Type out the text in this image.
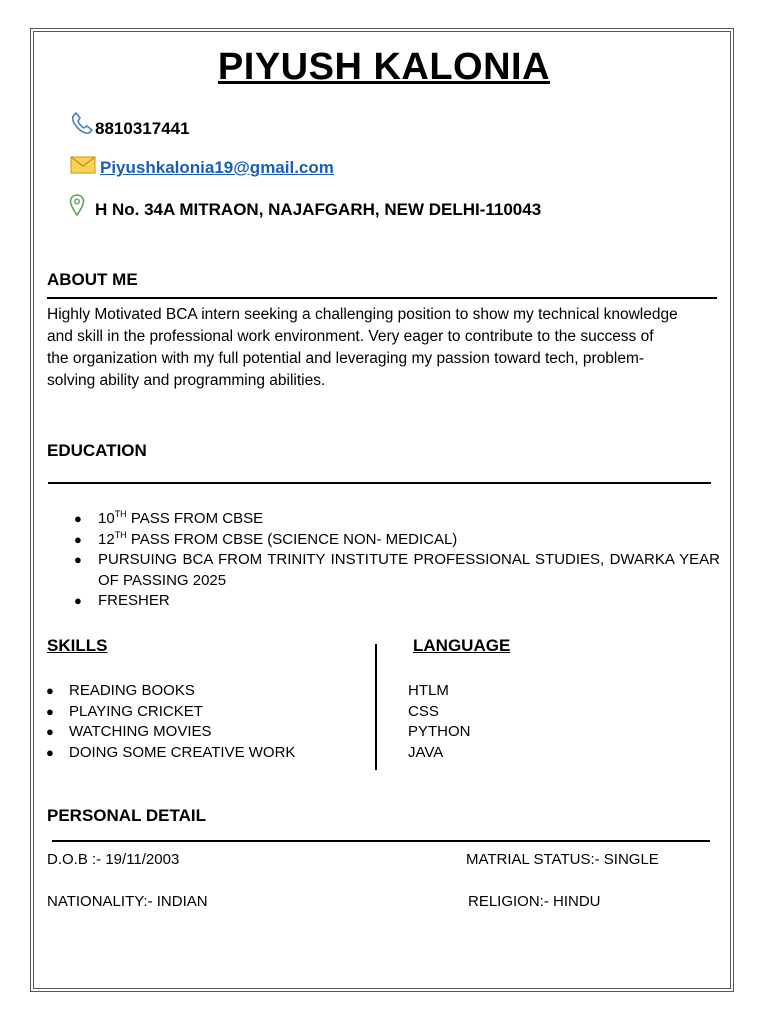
PIYUSH KALONIA
8810317441
Piyushkalonia19@gmail.com
H No. 34A MITRAON, NAJAFGARH, NEW DELHI-110043
ABOUT ME
Highly Motivated BCA intern seeking a challenging position to show my technical knowledge
and skill in the professional work environment. Very eager to contribute to the success of
the organization with my full potential and leveraging my passion toward tech, problem-
solving ability and programming abilities.
EDUCATION
● 10TH PASS FROM CBSE
● 12TH PASS FROM CBSE (SCIENCE NON- MEDICAL)
● PURSUING BCA FROM TRINITY INSTITUTE PROFESSIONAL STUDIES, DWARKA YEAR OF PASSING 2025
● FRESHER
SKILLS
● READING BOOKS
● PLAYING CRICKET
● WATCHING MOVIES
● DOING SOME CREATIVE WORK
LANGUAGE
HTLM
CSS
PYTHON
JAVA
PERSONAL DETAIL
D.O.B :- 19/11/2003	MATRIAL STATUS:- SINGLE
NATIONALITY:- INDIAN	RELIGION:- HINDU
